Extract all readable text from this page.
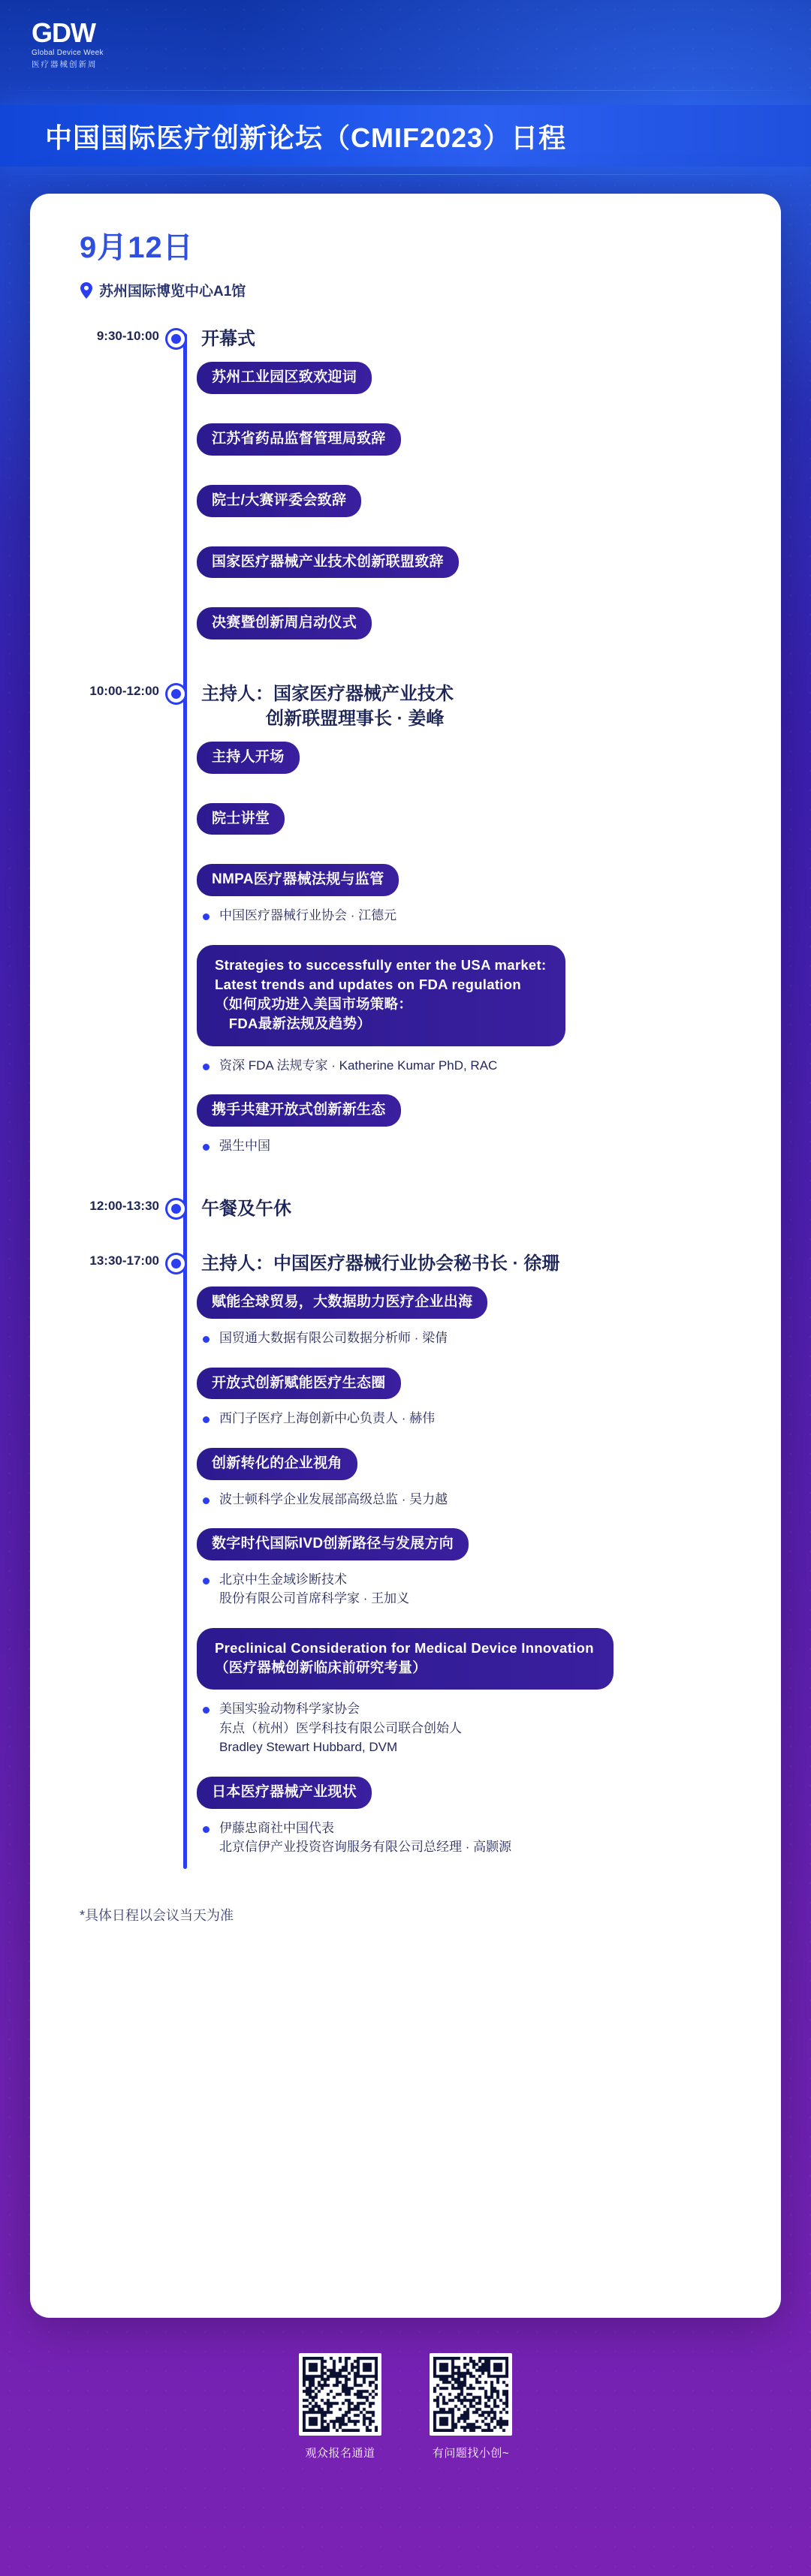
GDW
Global Device Week
医疗器械创新周
中国国际医疗创新论坛（CMIF2023）日程
9月12日
苏州国际博览中心A1馆
9:30-10:00	开幕式
苏州工业园区致欢迎词
江苏省药品监督管理局致辞
院士/大赛评委会致辞
国家医疗器械产业技术创新联盟致辞
决赛暨创新周启动仪式
10:00-12:00	主持人：国家医疗器械产业技术
创新联盟理事长 · 姜峰
主持人开场
院士讲堂
NMPA医疗器械法规与监管
中国医疗器械行业协会 · 江德元
Strategies to successfully enter the USA market:
Latest trends and updates on FDA regulation
（如何成功进入美国市场策略：
　FDA最新法规及趋势）
资深 FDA 法规专家 · Katherine Kumar PhD, RAC
携手共建开放式创新新生态
强生中国
12:00-13:30	午餐及午休
13:30-17:00	主持人：中国医疗器械行业协会秘书长 · 徐珊
赋能全球贸易，大数据助力医疗企业出海
国贸通大数据有限公司数据分析师 · 梁倩
开放式创新赋能医疗生态圈
西门子医疗上海创新中心负责人 · 赫伟
创新转化的企业视角
波士顿科学企业发展部高级总监 · 吴力越
数字时代国际IVD创新路径与发展方向
北京中生金域诊断技术
股份有限公司首席科学家 · 王加义
Preclinical Consideration for Medical Device Innovation
（医疗器械创新临床前研究考量）
美国实验动物科学家协会
东点（杭州）医学科技有限公司联合创始人
Bradley Stewart Hubbard, DVM
日本医疗器械产业现状
伊藤忠商社中国代表
北京信伊产业投资咨询服务有限公司总经理 · 高颢源
*具体日程以会议当天为准
观众报名通道	有问题找小创~
